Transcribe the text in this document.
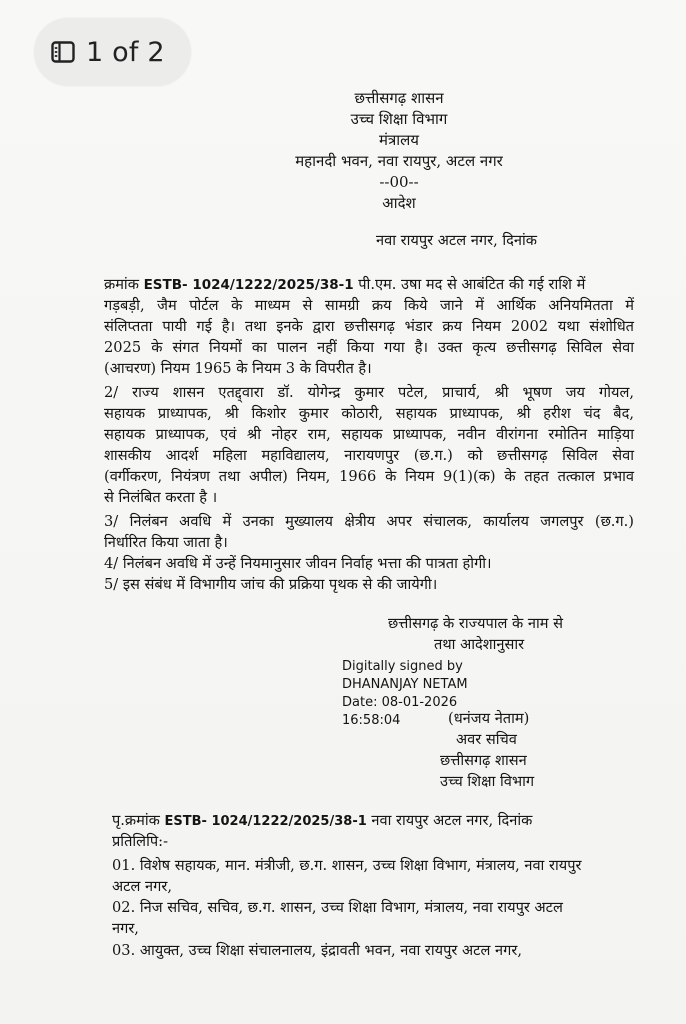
छत्तीसगढ़ शासन
उच्च शिक्षा विभाग
मंत्रालय
महानदी भवन, नवा रायपुर, अटल नगर
--00--
आदेश
नवा रायपुर अटल नगर, दिनांक
क्रमांक ESTB- 1024/1222/2025/38-1 पी.एम. उषा मद से आबंटित की गई राशि में
गड़बड़ी, जैम पोर्टल के माध्यम से सामग्री क्रय किये जाने में आर्थिक अनियमितता में
संलिप्तता पायी गई है। तथा इनके द्वारा छत्तीसगढ़ भंडार क्रय नियम 2002 यथा संशोधित
2025 के संगत नियमों का पालन नहीं किया गया है। उक्त कृत्य छत्तीसगढ़ सिविल सेवा
(आचरण) नियम 1965 के नियम 3 के विपरीत है।
2/ राज्य शासन एतद्द्वारा डॉ. योगेन्द्र कुमार पटेल, प्राचार्य, श्री भूषण जय गोयल,
सहायक प्राध्यापक, श्री किशोर कुमार कोठारी, सहायक प्राध्यापक, श्री हरीश चंद बैद,
सहायक प्राध्यापक, एवं श्री नोहर राम, सहायक प्राध्यापक, नवीन वीरांगना रमोतिन माड़िया
शासकीय आदर्श महिला महाविद्यालय, नारायणपुर (छ.ग.) को छत्तीसगढ़ सिविल सेवा
(वर्गीकरण, नियंत्रण तथा अपील) नियम, 1966 के नियम 9(1)(क) के तहत तत्काल प्रभाव
से निलंबित करता है ।
3/ निलंबन अवधि में उनका मुख्यालय क्षेत्रीय अपर संचालक, कार्यालय जगलपुर (छ.ग.)
निर्धारित किया जाता है।
4/ निलंबन अवधि में उन्हें नियमानुसार जीवन निर्वाह भत्ता की पात्रता होगी।
5/ इस संबंध में विभागीय जांच की प्रक्रिया पृथक से की जायेगी।
छत्तीसगढ़ के राज्यपाल के नाम से
तथा आदेशानुसार
Digitally signed by
DHANANJAY NETAM
Date: 08-01-2026
16:58:04	(धनंजय नेताम)
अवर सचिव
छत्तीसगढ़ शासन
उच्च शिक्षा विभाग
पृ.क्रमांक ESTB- 1024/1222/2025/38-1 नवा रायपुर अटल नगर, दिनांक
प्रतिलिपि:-
01. विशेष सहायक, मान. मंत्रीजी, छ.ग. शासन, उच्च शिक्षा विभाग, मंत्रालय, नवा रायपुर
अटल नगर,
02. निज सचिव, सचिव, छ.ग. शासन, उच्च शिक्षा विभाग, मंत्रालय, नवा रायपुर अटल
नगर,
03. आयुक्त, उच्च शिक्षा संचालनालय, इंद्रावती भवन, नवा रायपुर अटल नगर,
1 of 2
